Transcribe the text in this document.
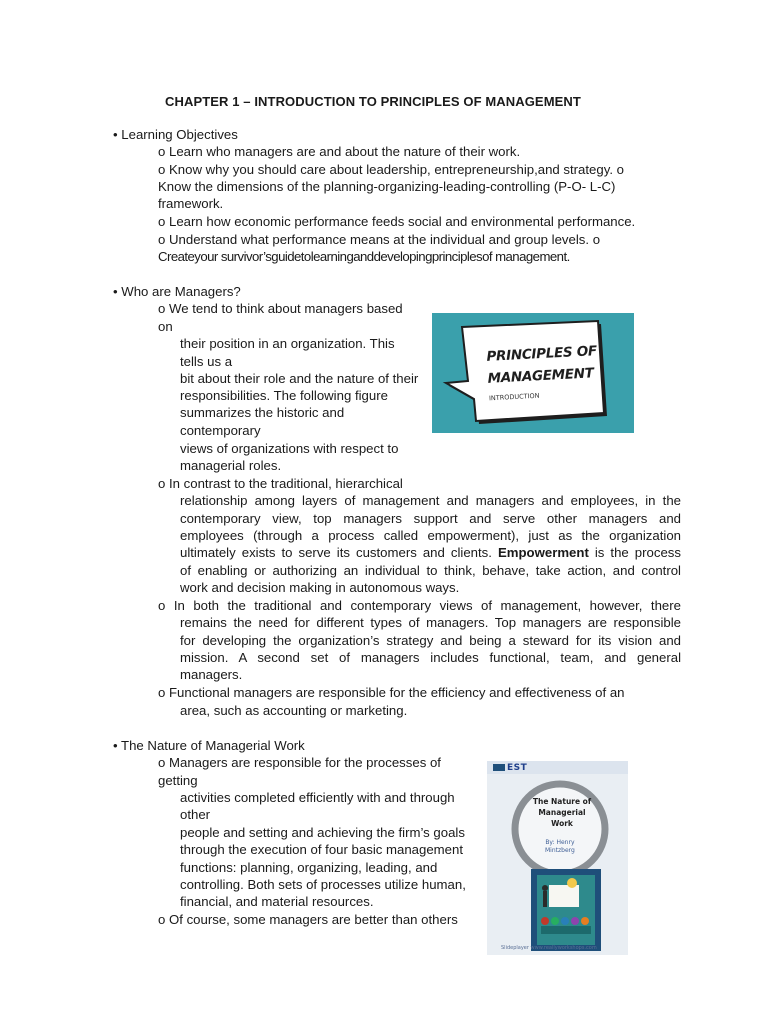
CHAPTER 1 – INTRODUCTION TO PRINCIPLES OF MANAGEMENT
• Learning Objectives
o Learn who managers are and about the nature of their work.
o Know why you should care about leadership, entrepreneurship,and strategy. o
Know the dimensions of the planning-organizing-leading-controlling (P-O- L-C)
framework.
o Learn how economic performance feeds social and environmental performance.
o Understand what performance means at the individual and group levels. o
Createyour survivor’sguidetolearninganddevelopingprinciplesof management.
• Who are Managers?
o We tend to think about managers based
on
their position in an organization. This
tells us a
bit about their role and the nature of their
responsibilities. The following figure
summarizes the historic and
contemporary
views of organizations with respect to
managerial roles.
o In contrast to the traditional, hierarchical
relationship among layers of management and managers and employees, in the
contemporary view, top managers support and serve other managers and
employees (through a process called empowerment), just as the organization
ultimately exists to serve its customers and clients. Empowerment is the process
of enabling or authorizing an individual to think, behave, take action, and control
work and decision making in autonomous ways.
o In both the traditional and contemporary views of management, however, there
remains the need for different types of managers. Top managers are responsible
for developing the organization’s strategy and being a steward for its vision and
mission. A second set of managers includes functional, team, and general
managers.
o Functional managers are responsible for the efficiency and effectiveness of an
area, such as accounting or marketing.
• The Nature of Managerial Work
o Managers are responsible for the processes of
getting
activities completed efficiently with and through
other
people and setting and achieving the firm’s goals
through the execution of four basic management
functions: planning, organizing, leading, and
controlling. Both sets of processes utilize human,
financial, and material resources.
o Of course, some managers are better than others
PRINCIPLES OF
MANAGEMENT
INTRODUCTION
EST
The Nature of Managerial Work
By: Henry
Mintzberg
Slideplayer www.reallyworkshops.com
